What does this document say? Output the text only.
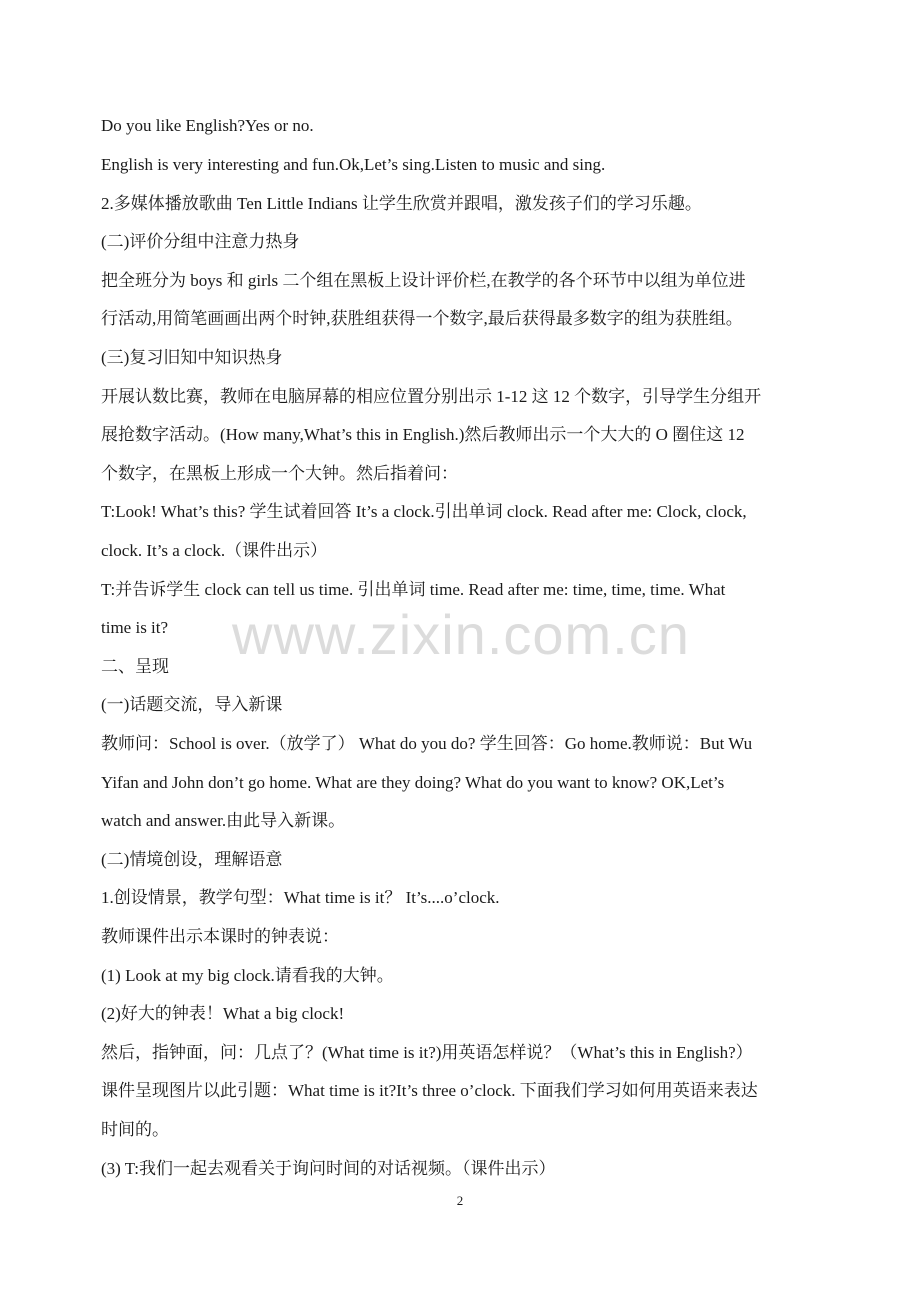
Do you like English?Yes or no.
English is very interesting and fun.Ok,Let’s sing.Listen to music and sing.
2.多媒体播放歌曲 Ten Little Indians 让学生欣赏并跟唱，激发孩子们的学习乐趣。
(二)评价分组中注意力热身
把全班分为 boys 和 girls 二个组在黑板上设计评价栏,在教学的各个环节中以组为单位进
行活动,用简笔画画出两个时钟,获胜组获得一个数字,最后获得最多数字的组为获胜组。
(三)复习旧知中知识热身
开展认数比赛，教师在电脑屏幕的相应位置分别出示 1-12 这 12 个数字，引导学生分组开
展抢数字活动。(How many,What’s this in English.)然后教师出示一个大大的 O 圈住这 12
个数字，在黑板上形成一个大钟。然后指着问：
T:Look! What’s this? 学生试着回答 It’s a clock.引出单词 clock. Read after me: Clock, clock,
clock. It’s a clock.（课件出示）
T:并告诉学生 clock can tell us time. 引出单词 time. Read after me: time, time, time. What
time is it?
二、呈现
(一)话题交流，导入新课
教师问：School is over.（放学了） What do you do? 学生回答：Go home.教师说：But Wu
Yifan and John don’t go home. What are they doing? What do you want to know? OK,Let’s
watch and answer.由此导入新课。
(二)情境创设，理解语意
1.创设情景，教学句型：What time is it？ It’s....o’clock.
教师课件出示本课时的钟表说：
(1) Look at my big clock.请看我的大钟。
(2)好大的钟表！What a big clock!
然后，指钟面，问：几点了？(What time is it?)用英语怎样说？（What’s this in English?）
课件呈现图片以此引题：What time is it?It’s three o’clock. 下面我们学习如何用英语来表达
时间的。
(3) T:我们一起去观看关于询问时间的对话视频。（课件出示）
www.zixin.com.cn
2
